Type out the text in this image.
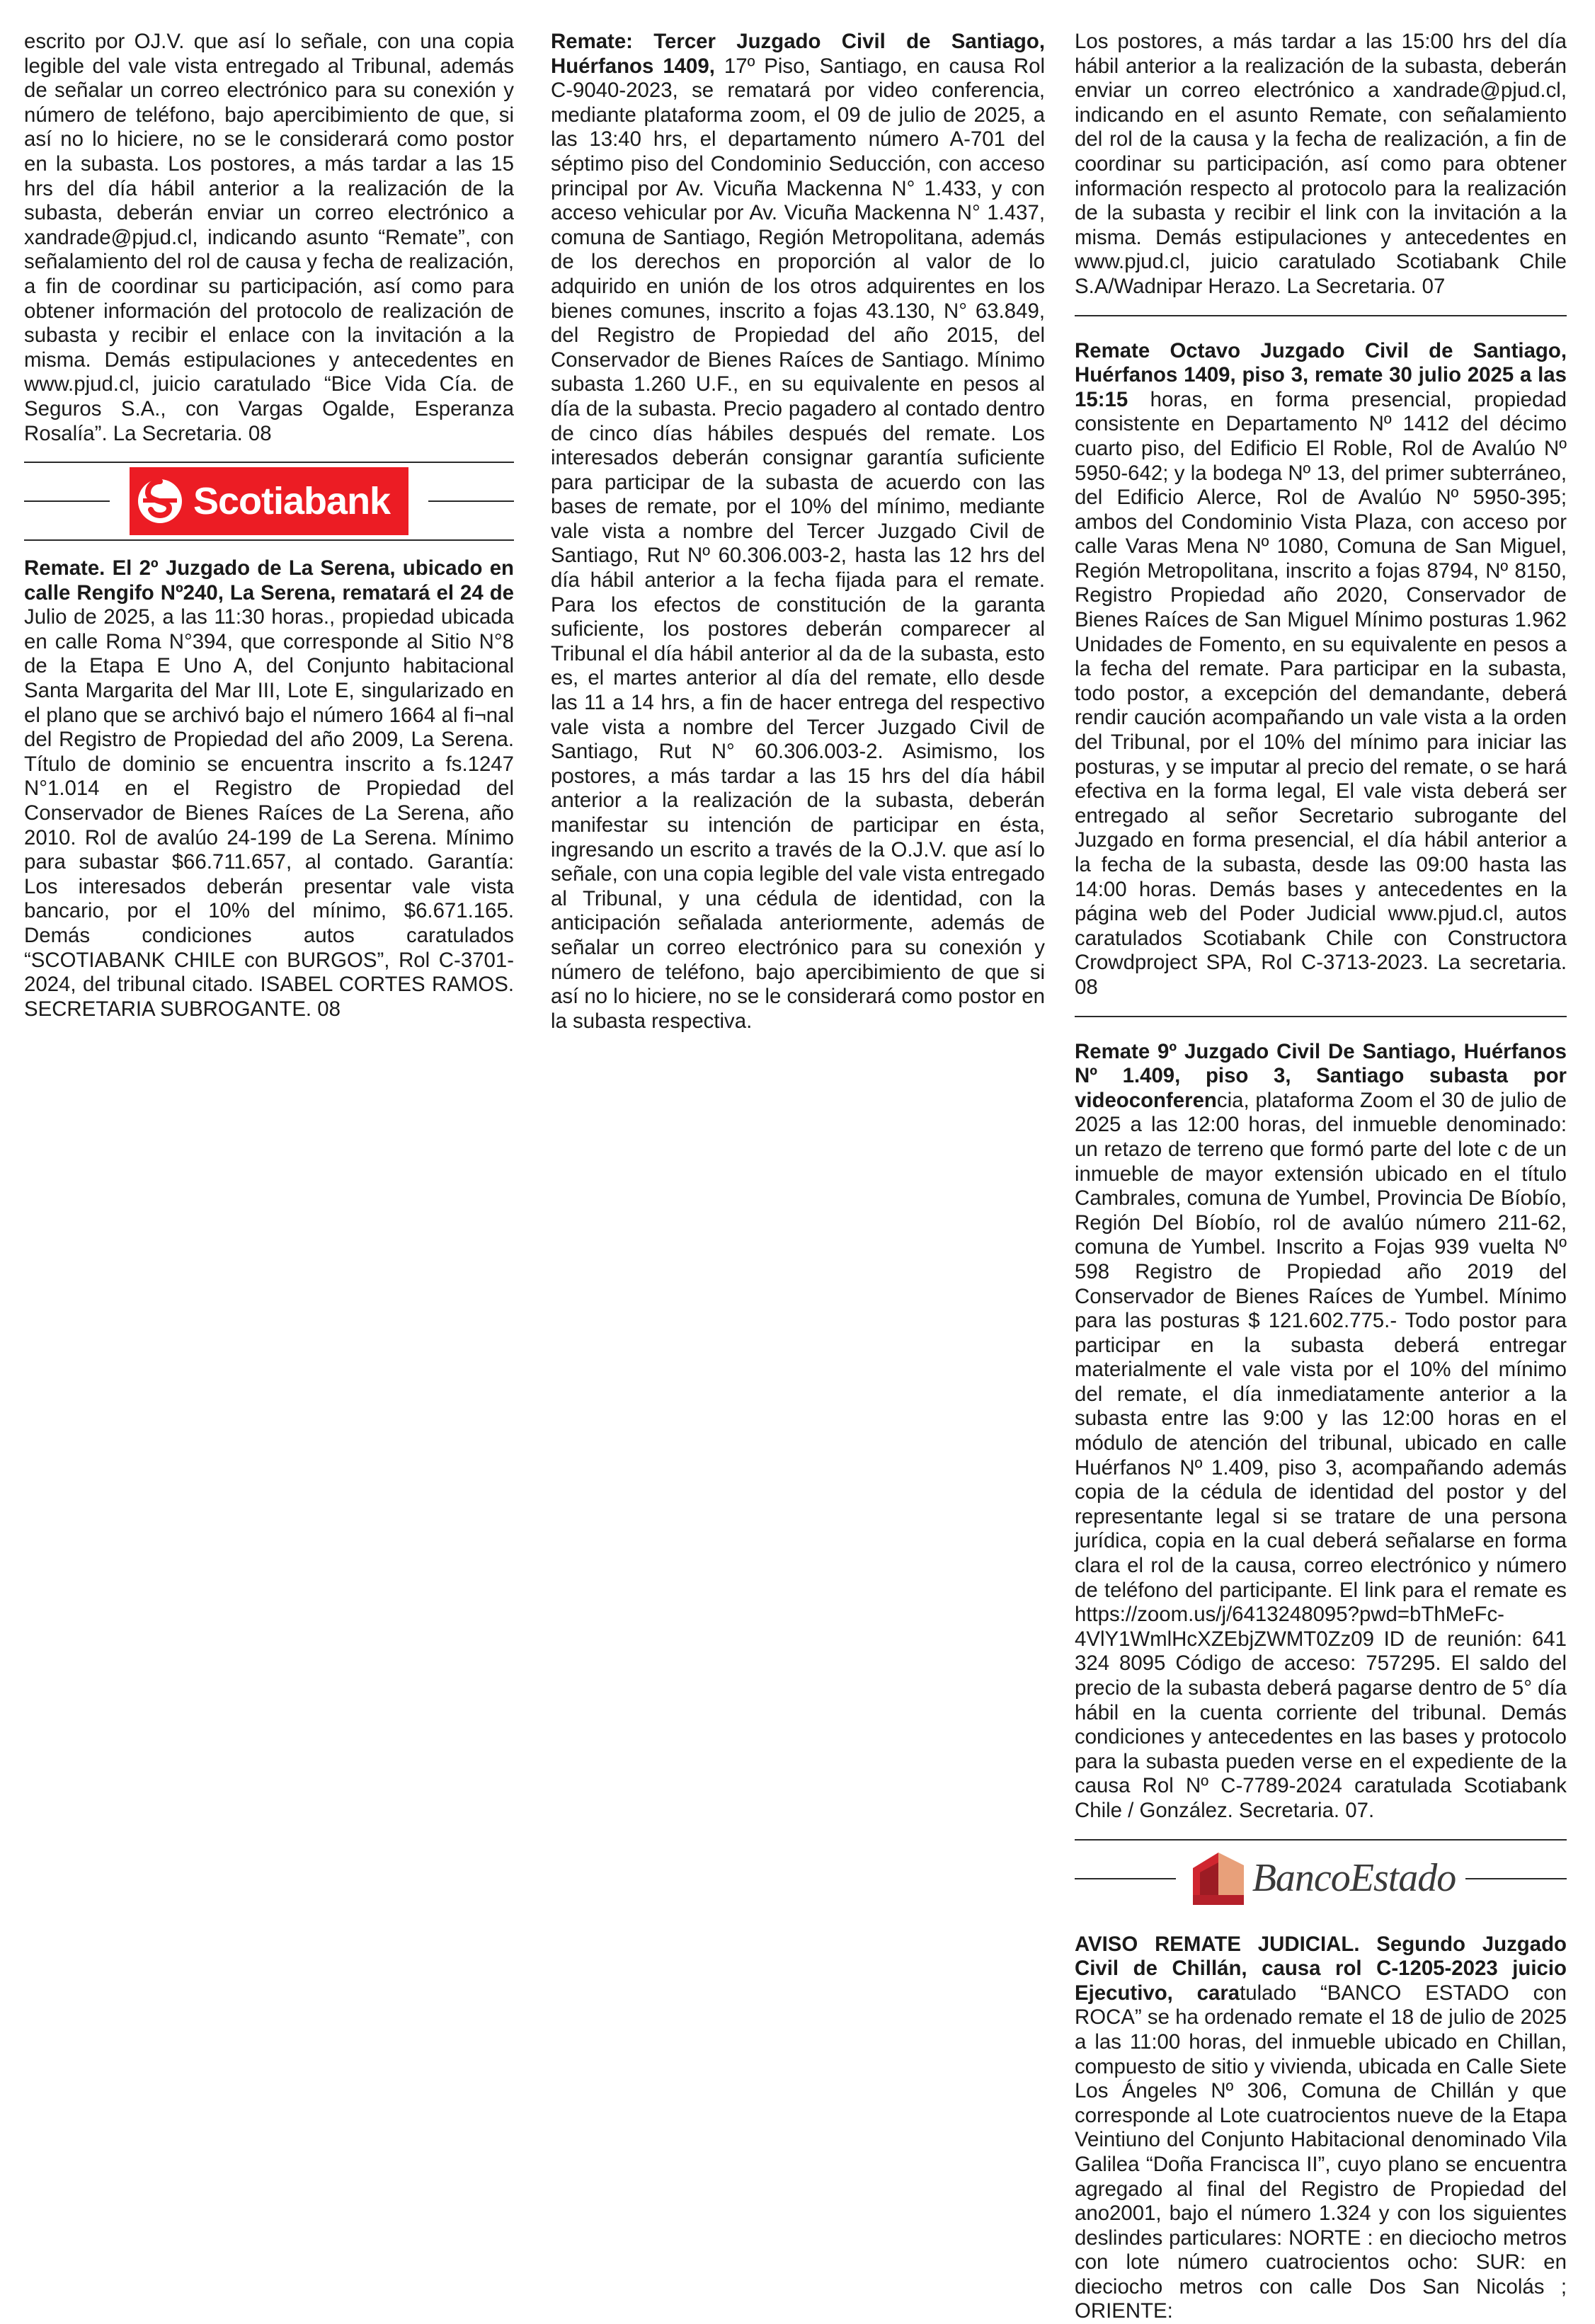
escrito por OJ.V. que así lo señale, con una copia legible del vale vista entregado al Tribunal, además de señalar un correo electrónico para su conexión y número de teléfono, bajo apercibimiento de que, si así no lo hiciere, no se le considerará como postor en la subasta. Los postores, a más tardar a las 15 hrs del día hábil anterior a la realización de la subasta, deberán enviar un correo electrónico a xandrade@pjud.cl, indicando asunto “Remate”, con señalamiento del rol de causa y fecha de realización, a fin de coordinar su participación, así como para obtener información del protocolo de realización de subasta y recibir el enlace con la invitación a la misma. Demás estipulaciones y antecedentes en www.pjud.cl, juicio caratulado “Bice Vida Cía. de Seguros S.A., con Vargas Ogalde, Esperanza Rosalía”. La Secretaria. 08

Scotiabank

Remate. El 2º Juzgado de La Serena, ubicado en calle Rengifo Nº240, La Serena, rematará el 24 de Julio de 2025, a las 11:30 horas., propiedad ubicada en calle Roma N°394, que corresponde al Sitio N°8 de la Etapa E Uno A, del Conjunto habitacional Santa Margarita del Mar III, Lote E, singularizado en el plano que se archivó bajo el número 1664 al fi¬nal del Registro de Propiedad del año 2009, La Serena. Título de dominio se encuentra inscrito a fs.1247 N°1.014 en el Registro de Propiedad del Conservador de Bienes Raíces de La Serena, año 2010. Rol de avalúo 24-199 de La Serena. Mínimo para subastar $66.711.657, al contado. Garantía: Los interesados deberán presentar vale vista bancario, por el 10% del mínimo, $6.671.165. Demás condiciones autos caratulados “SCOTIABANK CHILE con BURGOS”, Rol C-3701-2024, del tribunal citado. ISABEL CORTES RAMOS. SECRETARIA SUBROGANTE. 08

Remate: Tercer Juzgado Civil de Santiago, Huérfanos 1409, 17º Piso, Santiago, en causa Rol C-9040-2023, se rematará por video conferencia, mediante plataforma zoom, el 09 de julio de 2025, a las 13:40 hrs, el departamento número A-701 del séptimo piso del Condominio Seducción, con acceso principal por Av. Vicuña Mackenna N° 1.433, y con acceso vehicular por Av. Vicuña Mackenna N° 1.437, comuna de Santiago, Región Metropolitana, además de los derechos en proporción al valor de lo adquirido en unión de los otros adquirentes en los bienes comunes, inscrito a fojas 43.130, N° 63.849, del Registro de Propiedad del año 2015, del Conservador de Bienes Raíces de Santiago. Mínimo subasta 1.260 U.F., en su equivalente en pesos al día de la subasta. Precio pagadero al contado dentro de cinco días hábiles después del remate. Los interesados deberán consignar garantía suficiente para participar de la subasta de acuerdo con las bases de remate, por el 10% del mínimo, mediante vale vista a nombre del Tercer Juzgado Civil de Santiago, Rut Nº 60.306.003-2, hasta las 12 hrs del día hábil anterior a la fecha fijada para el remate. Para los efectos de constitución de la garanta suficiente, los postores deberán comparecer al Tribunal el día hábil anterior al da de la subasta, esto es, el martes anterior al día del remate, ello desde las 11 a 14 hrs, a fin de hacer entrega del respectivo vale vista a nombre del Tercer Juzgado Civil de Santiago, Rut N° 60.306.003-2. Asimismo, los postores, a más tardar a las 15 hrs del día hábil anterior a la realización de la subasta, deberán manifestar su intención de participar en ésta, ingresando un escrito a través de la O.J.V. que así lo señale, con una copia legible del vale vista entregado al Tribunal, y una cédula de identidad, con la anticipación señalada anteriormente, además de señalar un correo electrónico para su conexión y número de teléfono, bajo apercibimiento de que si así no lo hiciere, no se le considerará como postor en la subasta respectiva.

Los postores, a más tardar a las 15:00 hrs del día hábil anterior a la realización de la subasta, deberán enviar un correo electrónico a xandrade@pjud.cl, indicando en el asunto Remate, con señalamiento del rol de la causa y la fecha de realización, a fin de coordinar su participación, así como para obtener información respecto al protocolo para la realización de la subasta y recibir el link con la invitación a la misma. Demás estipulaciones y antecedentes en www.pjud.cl, juicio caratulado Scotiabank Chile S.A/Wadnipar Herazo. La Secretaria. 07

Remate Octavo Juzgado Civil de Santiago, Huérfanos 1409, piso 3, remate 30 julio 2025 a las 15:15 horas, en forma presencial, propiedad consistente en Departamento Nº 1412 del décimo cuarto piso, del Edificio El Roble, Rol de Avalúo Nº 5950-642; y la bodega Nº 13, del primer subterráneo, del Edificio Alerce, Rol de Avalúo Nº 5950-395; ambos del Condominio Vista Plaza, con acceso por calle Varas Mena Nº 1080, Comuna de San Miguel, Región Metropolitana, inscrito a fojas 8794, Nº 8150, Registro Propiedad año 2020, Conservador de Bienes Raíces de San Miguel Mínimo posturas 1.962 Unidades de Fomento, en su equivalente en pesos a la fecha del remate. Para participar en la subasta, todo postor, a excepción del demandante, deberá rendir caución acompañando un vale vista a la orden del Tribunal, por el 10% del mínimo para iniciar las posturas, y se imputar al precio del remate, o se hará efectiva en la forma legal, El vale vista deberá ser entregado al señor Secretario subrogante del Juzgado en forma presencial, el día hábil anterior a la fecha de la subasta, desde las 09:00 hasta las 14:00 horas. Demás bases y antecedentes en la página web del Poder Judicial www.pjud.cl, autos caratulados Scotiabank Chile con Constructora Crowdproject SPA, Rol C-3713-2023. La secretaria. 08

Remate 9º Juzgado Civil De Santiago, Huérfanos Nº 1.409, piso 3, Santiago subasta por videoconferencia, plataforma Zoom el 30 de julio de 2025 a las 12:00 horas, del inmueble denominado: un retazo de terreno que formó parte del lote c de un inmueble de mayor extensión ubicado en el título Cambrales, comuna de Yumbel, Provincia De Bíobío, Región Del Bíobío, rol de avalúo número 211-62, comuna de Yumbel. Inscrito a Fojas 939 vuelta Nº 598 Registro de Propiedad año 2019 del Conservador de Bienes Raíces de Yumbel. Mínimo para las posturas $ 121.602.775.- Todo postor para participar en la subasta deberá entregar materialmente el vale vista por el 10% del mínimo del remate, el día inmediatamente anterior a la subasta entre las 9:00 y las 12:00 horas en el módulo de atención del tribunal, ubicado en calle Huérfanos Nº 1.409, piso 3, acompañando además copia de la cédula de identidad del postor y del representante legal si se tratare de una persona jurídica, copia en la cual deberá señalarse en forma clara el rol de la causa, correo electrónico y número de teléfono del participante. El link para el remate es https://zoom.us/j/6413248095?pwd=bThMeFc-4VlY1WmlHcXZEbjZWMT0Zz09 ID de reunión: 641 324 8095 Código de acceso: 757295. El saldo del precio de la subasta deberá pagarse dentro de 5° día hábil en la cuenta corriente del tribunal. Demás condiciones y antecedentes en las bases y protocolo para la subasta pueden verse en el expediente de la causa Rol Nº C-7789-2024 caratulada Scotiabank Chile / González. Secretaria. 07.

BancoEstado

AVISO REMATE JUDICIAL. Segundo Juzgado Civil de Chillán, causa rol C-1205-2023 juicio Ejecutivo, caratulado “BANCO ESTADO con ROCA” se ha ordenado remate el 18 de julio de 2025 a las 11:00 horas, del inmueble ubicado en Chillan, compuesto de sitio y vivienda, ubicada en Calle Siete Los Ángeles Nº 306, Comuna de Chillán y que corresponde al Lote cuatrocientos nueve de la Etapa Veintiuno del Conjunto Habitacional denominado Vila Galilea “Doña Francisca II”, cuyo plano se encuentra agregado al final del Registro de Propiedad del ano2001, bajo el número 1.324 y con los siguientes deslindes particulares: NORTE : en dieciocho metros con lote número cuatrocientos ocho: SUR: en dieciocho metros con calle Dos San Nicolás ; ORIENTE:
